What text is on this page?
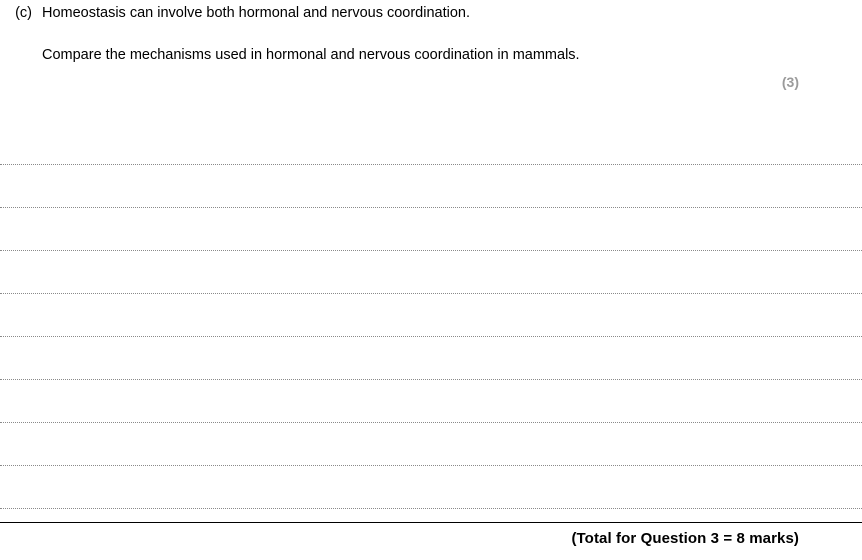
(c) Homeostasis can involve both hormonal and nervous coordination.
Compare the mechanisms used in hormonal and nervous coordination in mammals.
(3)
(Total for Question 3 = 8 marks)
